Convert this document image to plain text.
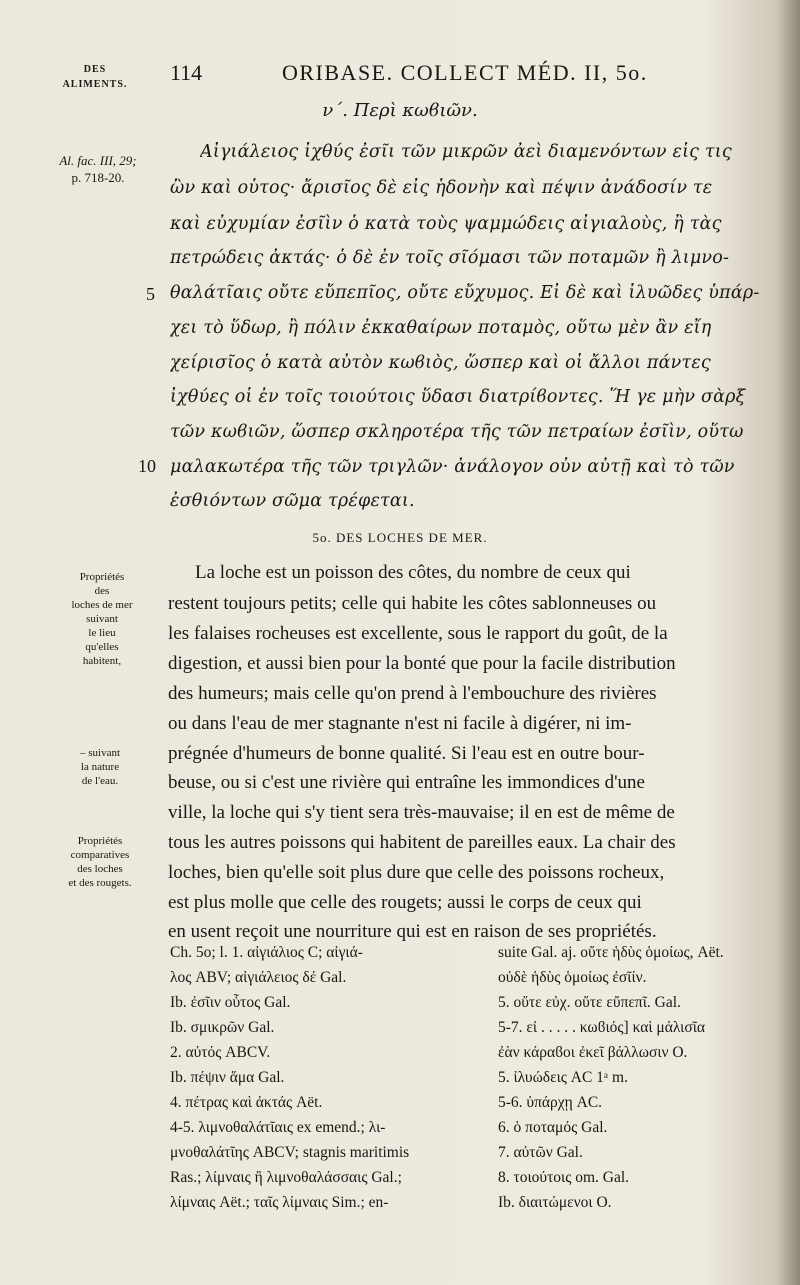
DES
ALIMENTS.	114	ORIBASE. COLLECT MÉD. II, 5o.
ν΄. Περὶ κωϐιῶν.
Al. fac. III, 29;
p. 718-20.
Αἰγιάλειος ἰχθύς ἐσῖι τῶν μικρῶν ἀεὶ διαμενόντων εἷς τις
ὢν καὶ οὗτος· ἄρισῖος δὲ εἰς ἡδονὴν καὶ πέψιν ἀνάδοσίν τε
καὶ εὐχυμίαν ἐσῖὶν ὁ κατὰ τοὺς ψαμμώδεις αἰγιαλοὺς, ἢ τὰς
πετρώδεις ἀκτάς· ὁ δὲ ἐν τοῖς σῖόμασι τῶν ποταμῶν ἢ λιμνο-
θαλάτῖαις οὔτε εὔπεπῖος, οὔτε εὔχυμος. Εἰ δὲ καὶ ἰλυῶδες ὑπάρ-
χει τὸ ὕδωρ, ἢ πόλιν ἐκκαθαίρων ποταμὸς, οὕτω μὲν ἂν εἴη
χείρισῖος ὁ κατὰ αὐτὸν κωϐιὸς, ὥσπερ καὶ οἱ ἄλλοι πάντες
ἰχθύες οἱ ἐν τοῖς τοιούτοις ὕδασι διατρίϐοντες. Ἥ γε μὴν σὰρξ
τῶν κωϐιῶν, ὥσπερ σκληροτέρα τῆς τῶν πετραίων ἐσῖὶν, οὕτω
μαλακωτέρα τῆς τῶν τριγλῶν· ἀνάλογον οὖν αὐτῇ καὶ τὸ τῶν
ἐσθιόντων σῶμα τρέφεται.
5
10
5o. DES LOCHES DE MER.
La loche est un poisson des côtes, du nombre de ceux qui
restent toujours petits; celle qui habite les côtes sablonneuses ou
les falaises rocheuses est excellente, sous le rapport du goût, de la
digestion, et aussi bien pour la bonté que pour la facile distribution
des humeurs; mais celle qu'on prend à l'embouchure des rivières
ou dans l'eau de mer stagnante n'est ni facile à digérer, ni im-
prégnée d'humeurs de bonne qualité. Si l'eau est en outre bour-
beuse, ou si c'est une rivière qui entraîne les immondices d'une
ville, la loche qui s'y tient sera très-mauvaise; il en est de même de
tous les autres poissons qui habitent de pareilles eaux. La chair des
loches, bien qu'elle soit plus dure que celle des poissons rocheux,
est plus molle que celle des rougets; aussi le corps de ceux qui
en usent reçoit une nourriture qui est en raison de ses propriétés.
Propriétés
des
loches de mer
suivant
le lieu
qu'elles
habitent,
– suivant
la nature
de l'eau.
Propriétés
comparatives
des loches
et des rougets.
Ch. 5o; l. 1. αἰγιάλιος C; αἰγιά-
λος ABV; αἰγιάλειος δέ Gal.
Ib. ἐσῖιν οὗτος Gal.
Ib. σμικρῶν Gal.
2. αὐτός ABCV.
Ib. πέψιν ἅμα Gal.
4. πέτρας καὶ ἀκτάς Aët.
4-5. λιμνοθαλάτῖαις ex emend.; λι-
μνοθαλάτῖης ABCV; stagnis maritimis
Ras.; λίμναις ἢ λιμνοθαλάσσαις Gal.;
λίμναις Aët.; ταῖς λίμναις Sim.; en-
suite Gal. aj. οὔτε ἡδὺς ὁμοίως, Aët.
οὐδὲ ἡδὺς ὁμοίως ἐσῖίν.
5. οὔτε εὐχ. οὔτε εὔπεπῖ. Gal.
5-7. εἰ . . . . . κωϐιός] καὶ μάλισῖα
ἐὰν κάραϐοι ἐκεῖ βάλλωσιν O.
5. ἰλυώδεις AC 1ᵃ m.
5-6. ὑπάρχῃ AC.
6. ὁ ποταμός Gal.
7. αὐτῶν Gal.
8. τοιούτοις om. Gal.
Ib. διαιτώμενοι O.
